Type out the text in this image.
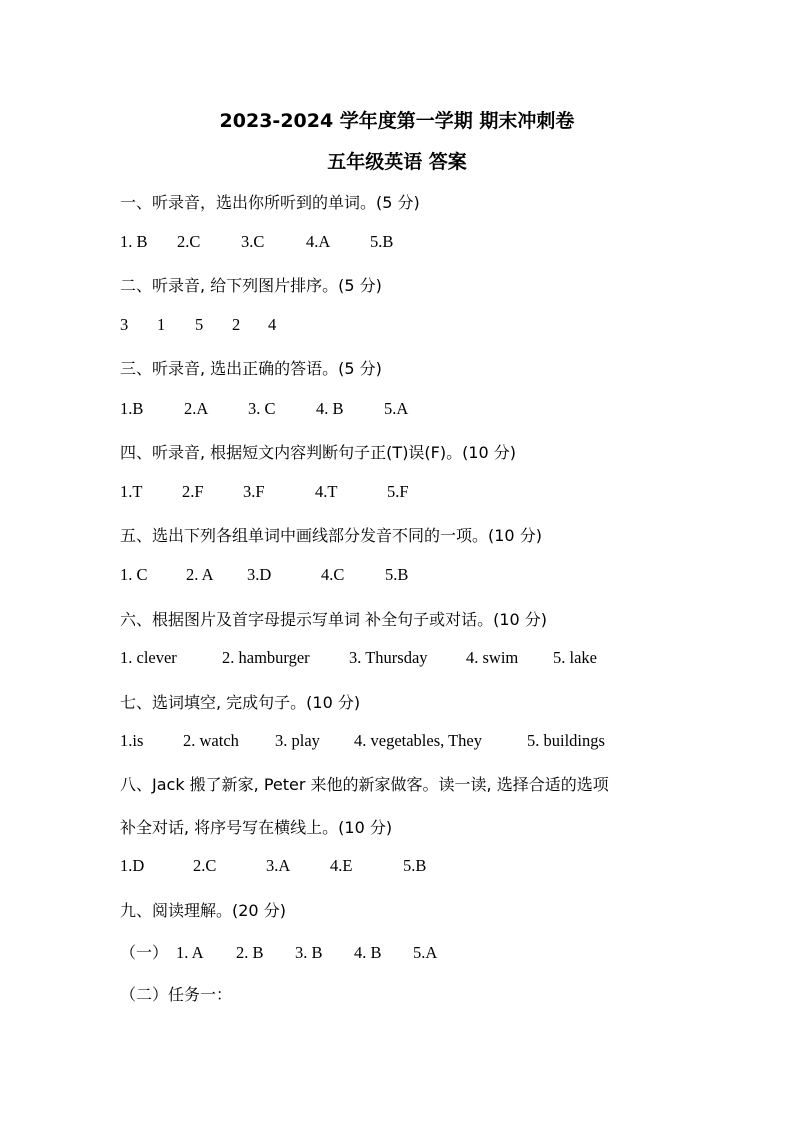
2023-2024 学年度第一学期 期末冲刺卷
五年级英语 答案
一、听录音，选出你所听到的单词。(5 分)
1. B 2.C 3.C	4.A 5.B
二、听录音, 给下列图片排序。(5 分)
3 1 5 2 4
三、听录音, 选出正确的答语。(5 分)
1.B 2.A 3. C 4. B 5.A
四、听录音, 根据短文内容判断句子正(T)误(F)。(10 分)
1.T 2.F 3.F	4.T	5.F
五、选出下列各组单词中画线部分发音不同的一项。(10 分)
1. C 2. A 3.D	4.C 5.B
六、根据图片及首字母提示写单词 补全句子或对话。(10 分)
1. clever	2. hamburger 3. Thursday 4. swim 5. lake
七、选词填空, 完成句子。(10 分)
1.is 2. watch 3. play 4. vegetables, They	5. buildings
八、Jack 搬了新家, Peter 来他的新家做客。读一读, 选择合适的选项
补全对话, 将序号写在横线上。(10 分)
1.D	2.C	3.A 4.E	5.B
九、阅读理解。(20 分)
（一） 1. A 2. B 3. B 4. B 5.A
（二）任务一：
